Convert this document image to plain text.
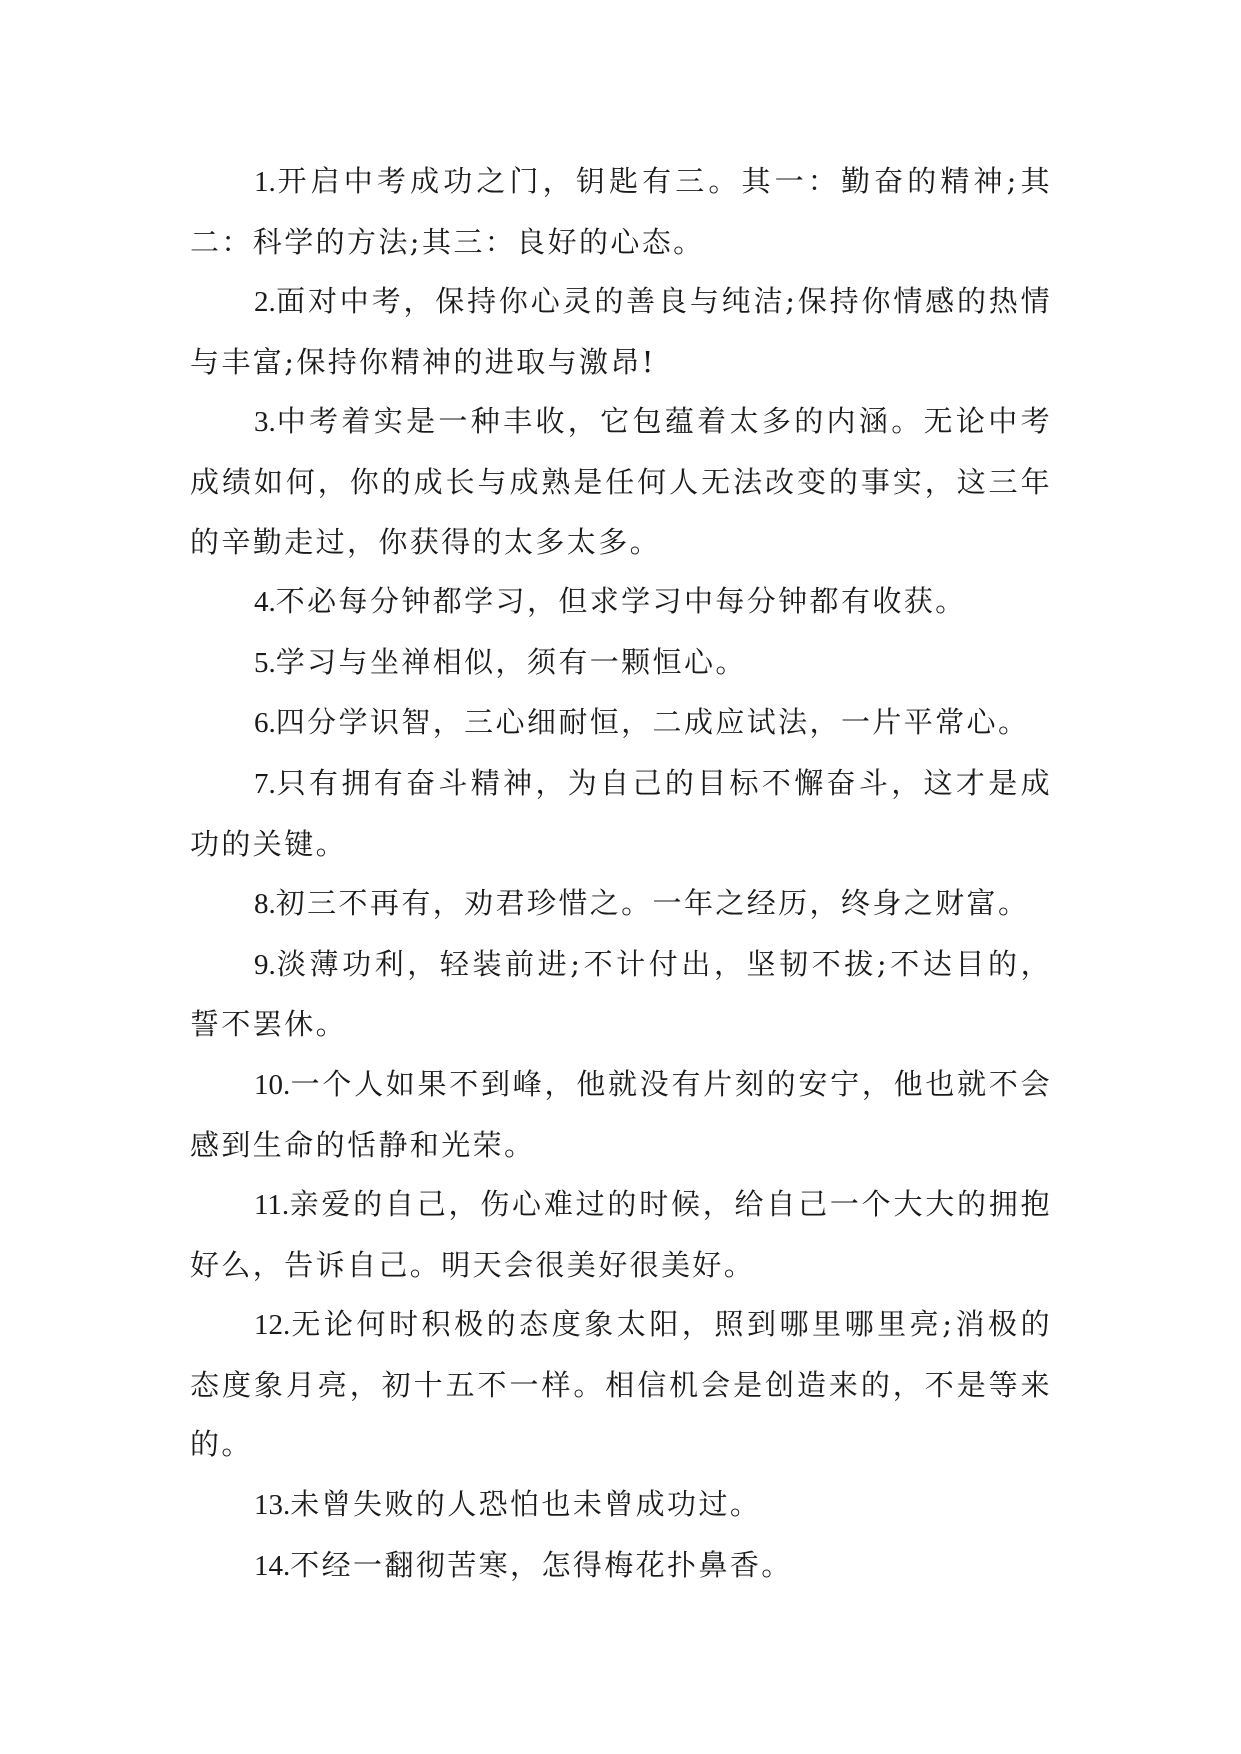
1.开启中考成功之门，钥匙有三。其一：勤奋的精神;其二：科学的方法;其三：良好的心态。

2.面对中考，保持你心灵的善良与纯洁;保持你情感的热情与丰富;保持你精神的进取与激昂!

3.中考着实是一种丰收，它包蕴着太多的内涵。无论中考成绩如何，你的成长与成熟是任何人无法改变的事实，这三年的辛勤走过，你获得的太多太多。

4.不必每分钟都学习，但求学习中每分钟都有收获。

5.学习与坐禅相似，须有一颗恒心。

6.四分学识智，三心细耐恒，二成应试法，一片平常心。

7.只有拥有奋斗精神，为自己的目标不懈奋斗，这才是成功的关键。

8.初三不再有，劝君珍惜之。一年之经历，终身之财富。

9.淡薄功利，轻装前进;不计付出，坚韧不拔;不达目的，誓不罢休。

10.一个人如果不到峰，他就没有片刻的安宁，他也就不会感到生命的恬静和光荣。

11.亲爱的自己，伤心难过的时候，给自己一个大大的拥抱好么，告诉自己。明天会很美好很美好。

12.无论何时积极的态度象太阳，照到哪里哪里亮;消极的态度象月亮，初十五不一样。相信机会是创造来的，不是等来的。

13.未曾失败的人恐怕也未曾成功过。

14.不经一翻彻苦寒，怎得梅花扑鼻香。
